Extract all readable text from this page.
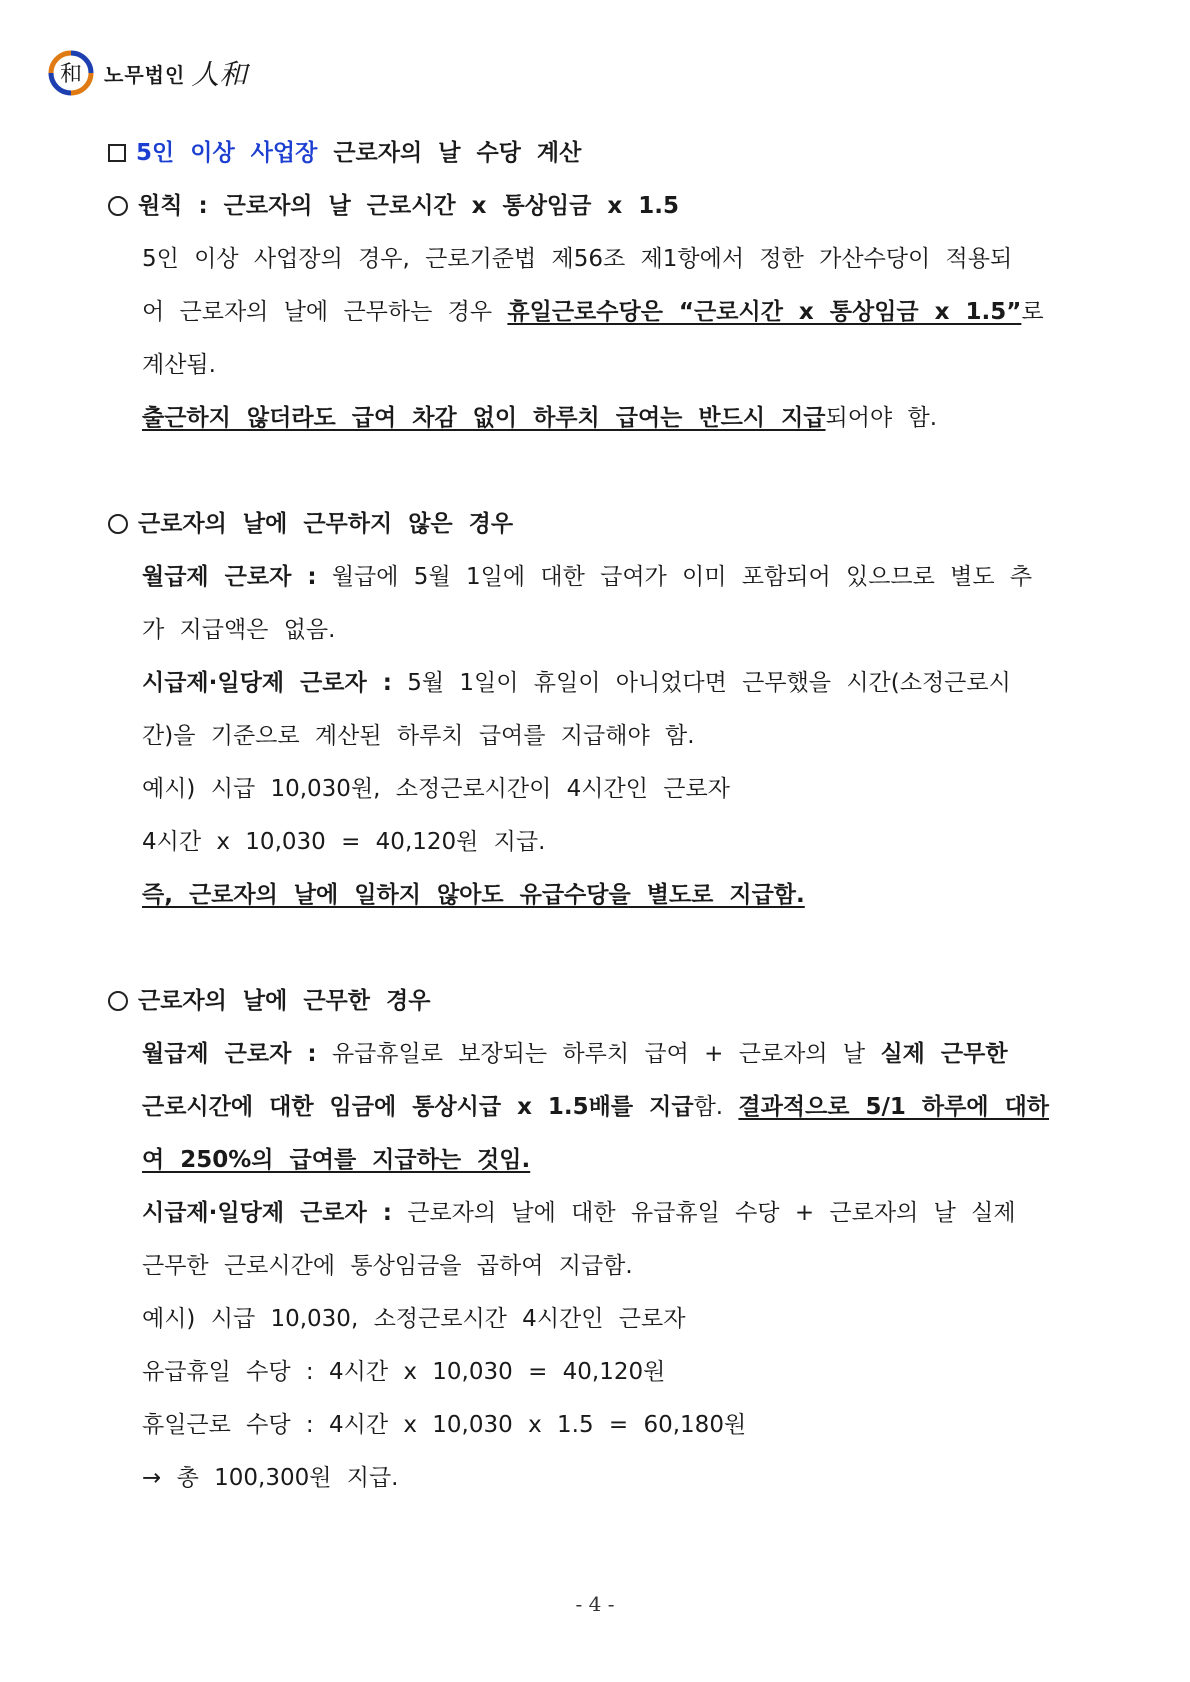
和 노무법인 人和
5인 이상 사업장 근로자의 날 수당 계산
원칙 : 근로자의 날 근로시간 x 통상임금 x 1.5
5인 이상 사업장의 경우, 근로기준법 제56조 제1항에서 정한 가산수당이 적용되
어 근로자의 날에 근무하는 경우 휴일근로수당은 “근로시간 x 통상임금 x 1.5”로
계산됨.
출근하지 않더라도 급여 차감 없이 하루치 급여는 반드시 지급되어야 함.
근로자의 날에 근무하지 않은 경우
월급제 근로자 : 월급에 5월 1일에 대한 급여가 이미 포함되어 있으므로 별도 추
가 지급액은 없음.
시급제·일당제 근로자 : 5월 1일이 휴일이 아니었다면 근무했을 시간(소정근로시
간)을 기준으로 계산된 하루치 급여를 지급해야 함.
예시) 시급 10,030원, 소정근로시간이 4시간인 근로자
4시간 x 10,030 = 40,120원 지급.
즉, 근로자의 날에 일하지 않아도 유급수당을 별도로 지급함.
근로자의 날에 근무한 경우
월급제 근로자 : 유급휴일로 보장되는 하루치 급여 + 근로자의 날 실제 근무한
근로시간에 대한 임금에 통상시급 x 1.5배를 지급함. 결과적으로 5/1 하루에 대하
여 250%의 급여를 지급하는 것임.
시급제·일당제 근로자 : 근로자의 날에 대한 유급휴일 수당 + 근로자의 날 실제
근무한 근로시간에 통상임금을 곱하여 지급함.
예시) 시급 10,030, 소정근로시간 4시간인 근로자
유급휴일 수당 : 4시간 x 10,030 = 40,120원
휴일근로 수당 : 4시간 x 10,030 x 1.5 = 60,180원
→ 총 100,300원 지급.
- 4 -
